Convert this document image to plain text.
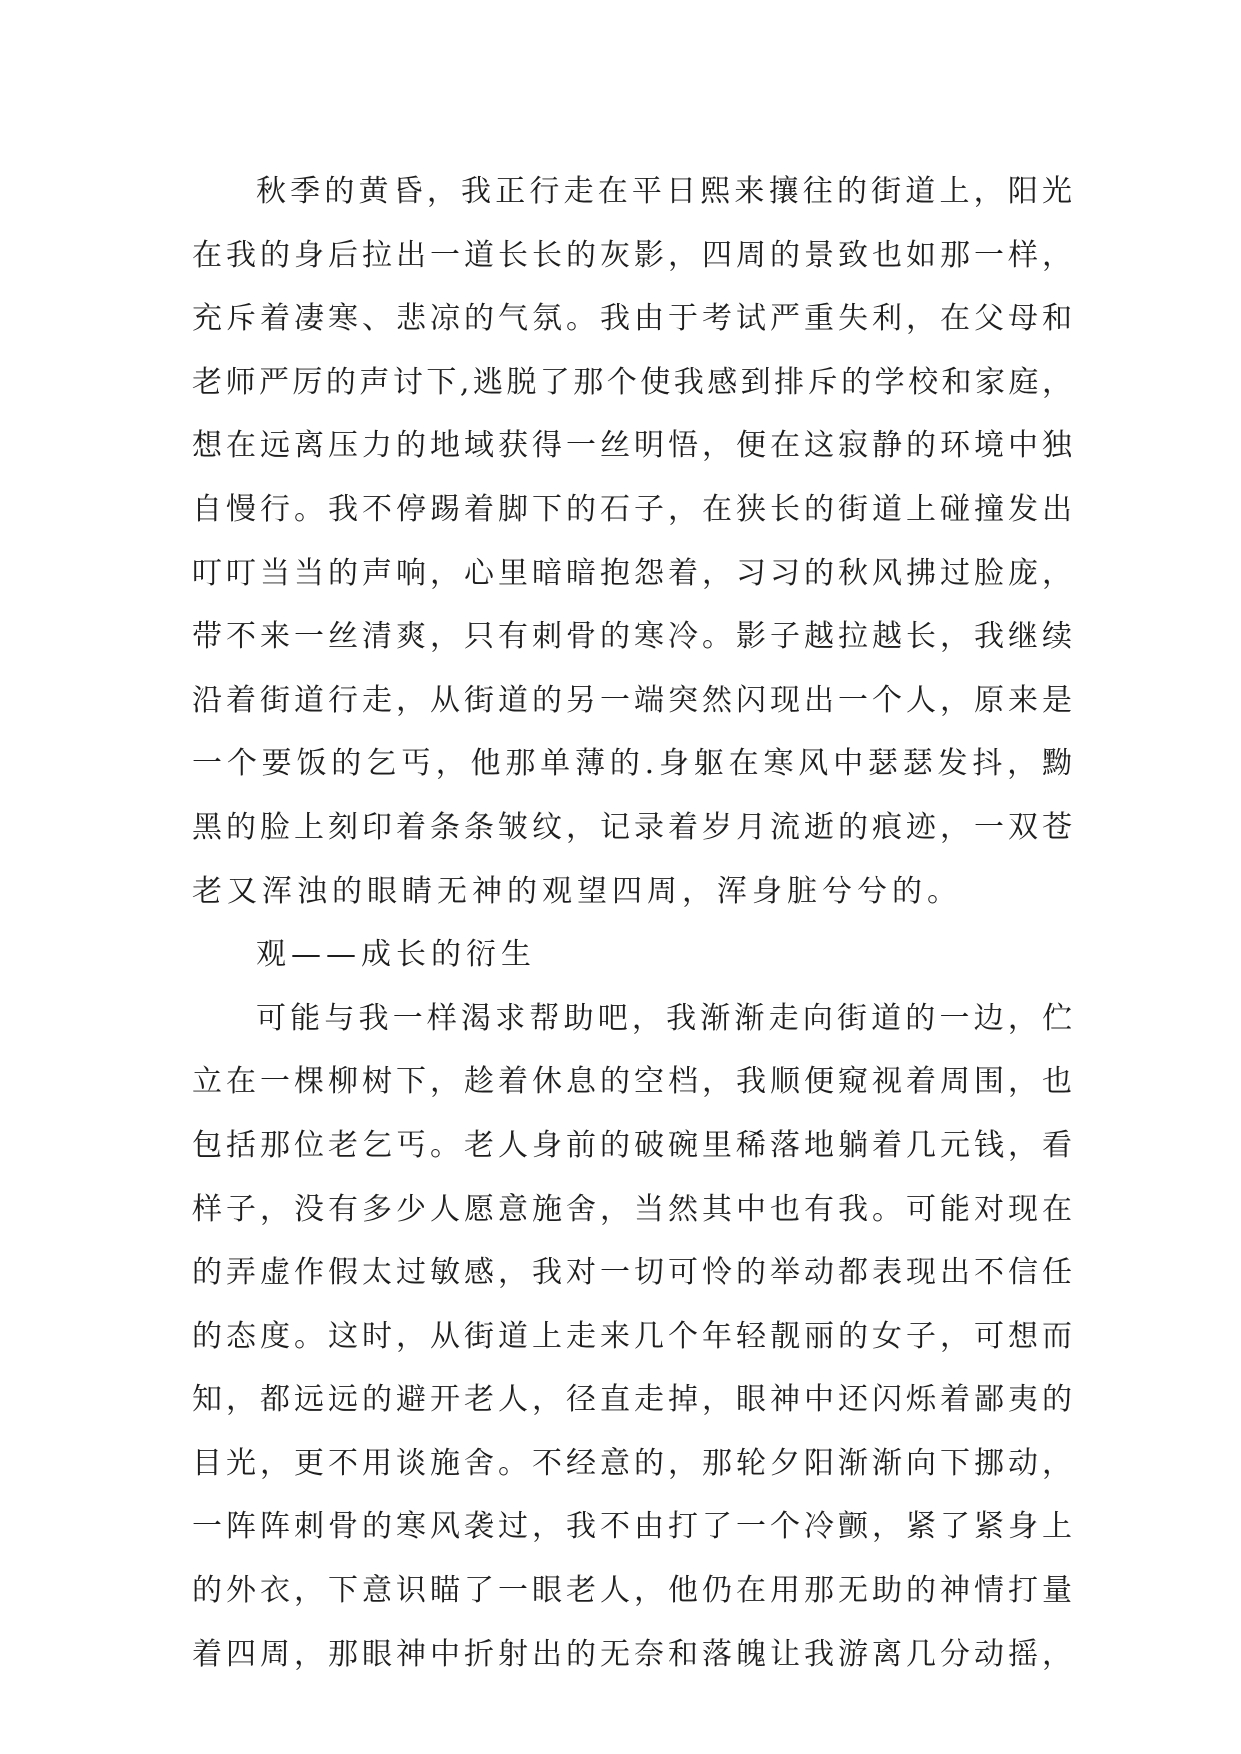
秋季的黄昏，我正行走在平日熙来攘往的街道上，阳光
在我的身后拉出一道长长的灰影，四周的景致也如那一样，
充斥着凄寒、悲凉的气氛。我由于考试严重失利，在父母和
老师严厉的声讨下,逃脱了那个使我感到排斥的学校和家庭，
想在远离压力的地域获得一丝明悟，便在这寂静的环境中独
自慢行。我不停踢着脚下的石子，在狭长的街道上碰撞发出
叮叮当当的声响，心里暗暗抱怨着，习习的秋风拂过脸庞，
带不来一丝清爽，只有刺骨的寒冷。影子越拉越长，我继续
沿着街道行走，从街道的另一端突然闪现出一个人，原来是
一个要饭的乞丐，他那单薄的.身躯在寒风中瑟瑟发抖，黝
黑的脸上刻印着条条皱纹，记录着岁月流逝的痕迹，一双苍
老又浑浊的眼睛无神的观望四周，浑身脏兮兮的。
观——成长的衍生
可能与我一样渴求帮助吧，我渐渐走向街道的一边，伫
立在一棵柳树下，趁着休息的空档，我顺便窥视着周围，也
包括那位老乞丐。老人身前的破碗里稀落地躺着几元钱，看
样子，没有多少人愿意施舍，当然其中也有我。可能对现在
的弄虚作假太过敏感，我对一切可怜的举动都表现出不信任
的态度。这时，从街道上走来几个年轻靓丽的女子，可想而
知，都远远的避开老人，径直走掉，眼神中还闪烁着鄙夷的
目光，更不用谈施舍。不经意的，那轮夕阳渐渐向下挪动，
一阵阵刺骨的寒风袭过，我不由打了一个冷颤，紧了紧身上
的外衣，下意识瞄了一眼老人，他仍在用那无助的神情打量
着四周，那眼神中折射出的无奈和落魄让我游离几分动摇，
